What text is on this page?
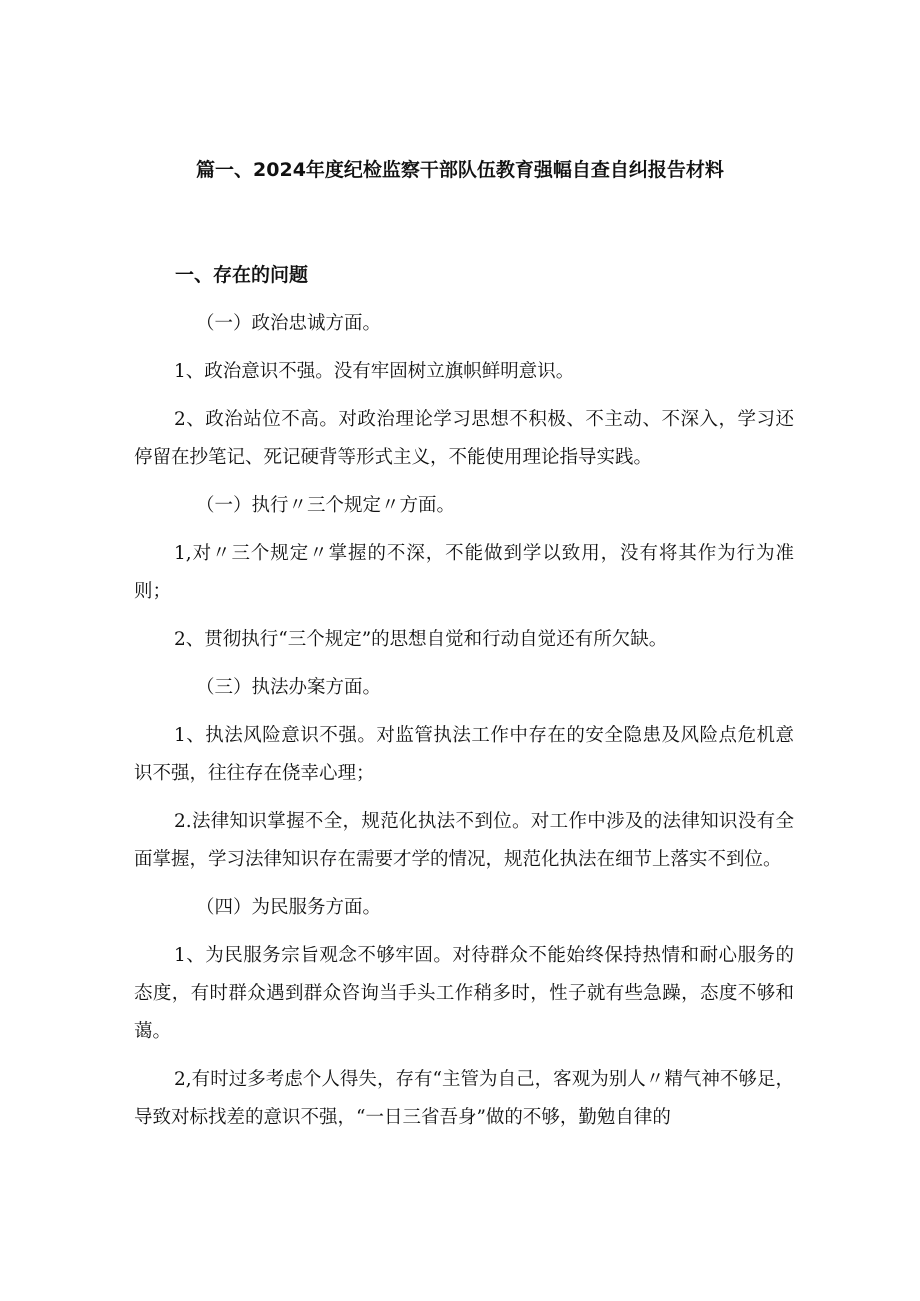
篇一、2024年度纪检监察干部队伍教育强幅自查自纠报告材料
一、存在的问题

（一）政治忠诚方面。

1、政治意识不强。没有牢固树立旗帜鲜明意识。

2、政治站位不高。对政治理论学习思想不积极、不主动、不深入，学习还停留在抄笔记、死记硬背等形式主义，不能使用理论指导实践。

（一）执行〃三个规定〃方面。

1,对〃三个规定〃掌握的不深，不能做到学以致用，没有将其作为行为准则；

2、贯彻执行“三个规定”的思想自觉和行动自觉还有所欠缺。

（三）执法办案方面。

1、执法风险意识不强。对监管执法工作中存在的安全隐患及风险点危机意识不强，往往存在侥幸心理；

2.法律知识掌握不全，规范化执法不到位。对工作中涉及的法律知识没有全面掌握，学习法律知识存在需要才学的情况，规范化执法在细节上落实不到位。

（四）为民服务方面。

1、为民服务宗旨观念不够牢固。对待群众不能始终保持热情和耐心服务的态度，有时群众遇到群众咨询当手头工作稍多时，性子就有些急躁，态度不够和蔼。

2,有时过多考虑个人得失，存有“主管为自己，客观为别人〃精气神不够足，导致对标找差的意识不强，“一日三省吾身”做的不够，勤勉自律的
